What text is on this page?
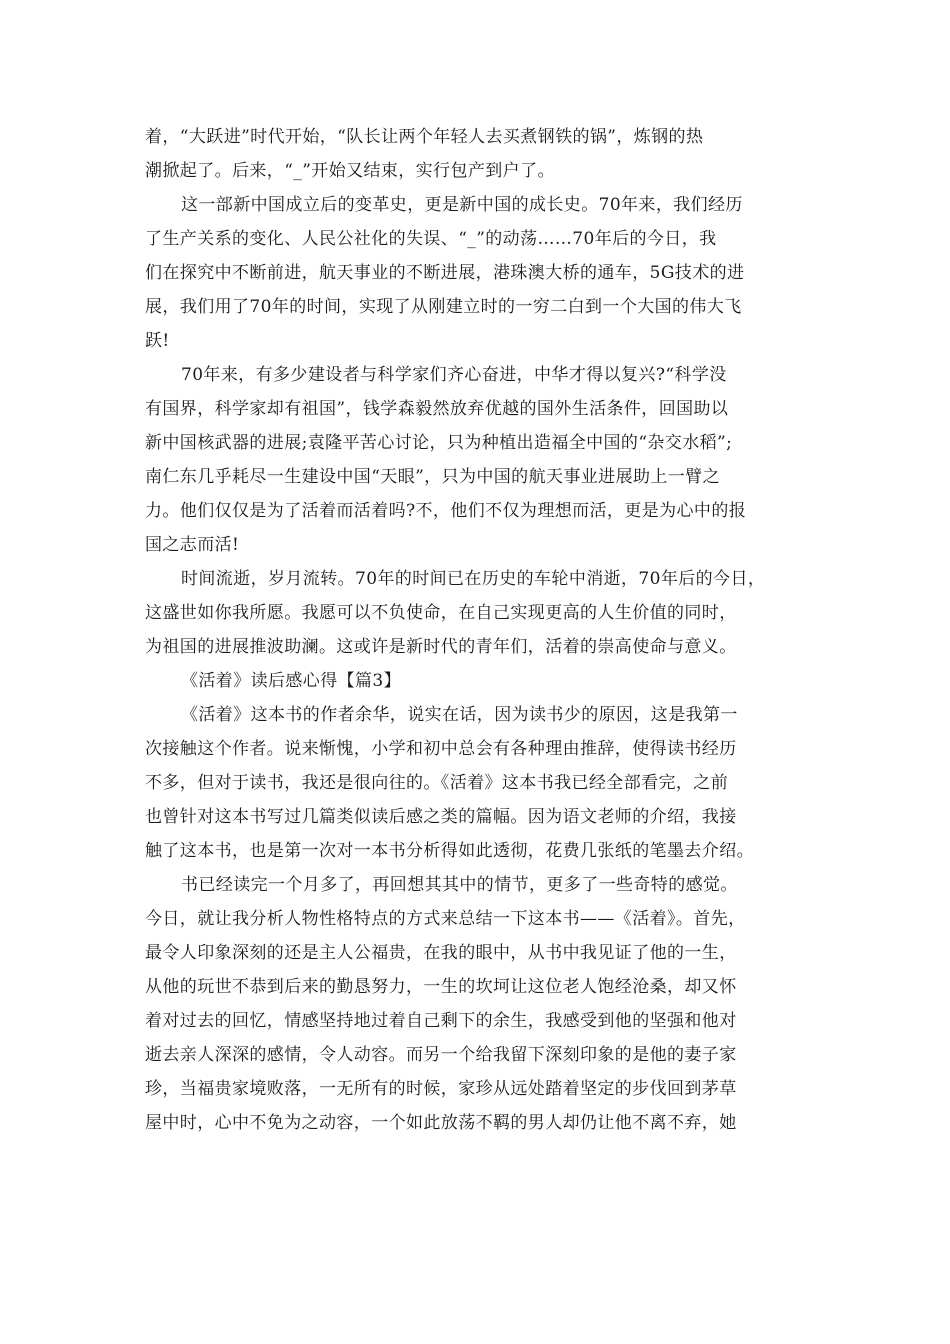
着，“大跃进”时代开始，“队长让两个年轻人去买煮钢铁的锅”，炼钢的热
潮掀起了。后来，“_”开始又结束，实行包产到户了。
这一部新中国成立后的变革史，更是新中国的成长史。70年来，我们经历
了生产关系的变化、人民公社化的失误、“_”的动荡……70年后的今日，我
们在探究中不断前进，航天事业的不断进展，港珠澳大桥的通车，5G技术的进
展，我们用了70年的时间，实现了从刚建立时的一穷二白到一个大国的伟大飞
跃!
70年来，有多少建设者与科学家们齐心奋进，中华才得以复兴?“科学没
有国界，科学家却有祖国”，钱学森毅然放弃优越的国外生活条件，回国助以
新中国核武器的进展;袁隆平苦心讨论，只为种植出造福全中国的“杂交水稻”;
南仁东几乎耗尽一生建设中国“天眼”，只为中国的航天事业进展助上一臂之
力。他们仅仅是为了活着而活着吗?不，他们不仅为理想而活，更是为心中的报
国之志而活!
时间流逝，岁月流转。70年的时间已在历史的车轮中消逝，70年后的今日，
这盛世如你我所愿。我愿可以不负使命，在自己实现更高的人生价值的同时，
为祖国的进展推波助澜。这或许是新时代的青年们，活着的崇高使命与意义。
《活着》读后感心得【篇3】
《活着》这本书的作者余华，说实在话，因为读书少的原因，这是我第一
次接触这个作者。说来惭愧，小学和初中总会有各种理由推辞，使得读书经历
不多，但对于读书，我还是很向往的。《活着》这本书我已经全部看完，之前
也曾针对这本书写过几篇类似读后感之类的篇幅。因为语文老师的介绍，我接
触了这本书，也是第一次对一本书分析得如此透彻，花费几张纸的笔墨去介绍。
书已经读完一个月多了，再回想其其中的情节，更多了一些奇特的感觉。
今日，就让我分析人物性格特点的方式来总结一下这本书——《活着》。首先，
最令人印象深刻的还是主人公福贵，在我的眼中，从书中我见证了他的一生，
从他的玩世不恭到后来的勤恳努力，一生的坎坷让这位老人饱经沧桑，却又怀
着对过去的回忆，情感坚持地过着自己剩下的余生，我感受到他的坚强和他对
逝去亲人深深的感情，令人动容。而另一个给我留下深刻印象的是他的妻子家
珍，当福贵家境败落，一无所有的时候，家珍从远处踏着坚定的步伐回到茅草
屋中时，心中不免为之动容，一个如此放荡不羁的男人却仍让他不离不弃，她
